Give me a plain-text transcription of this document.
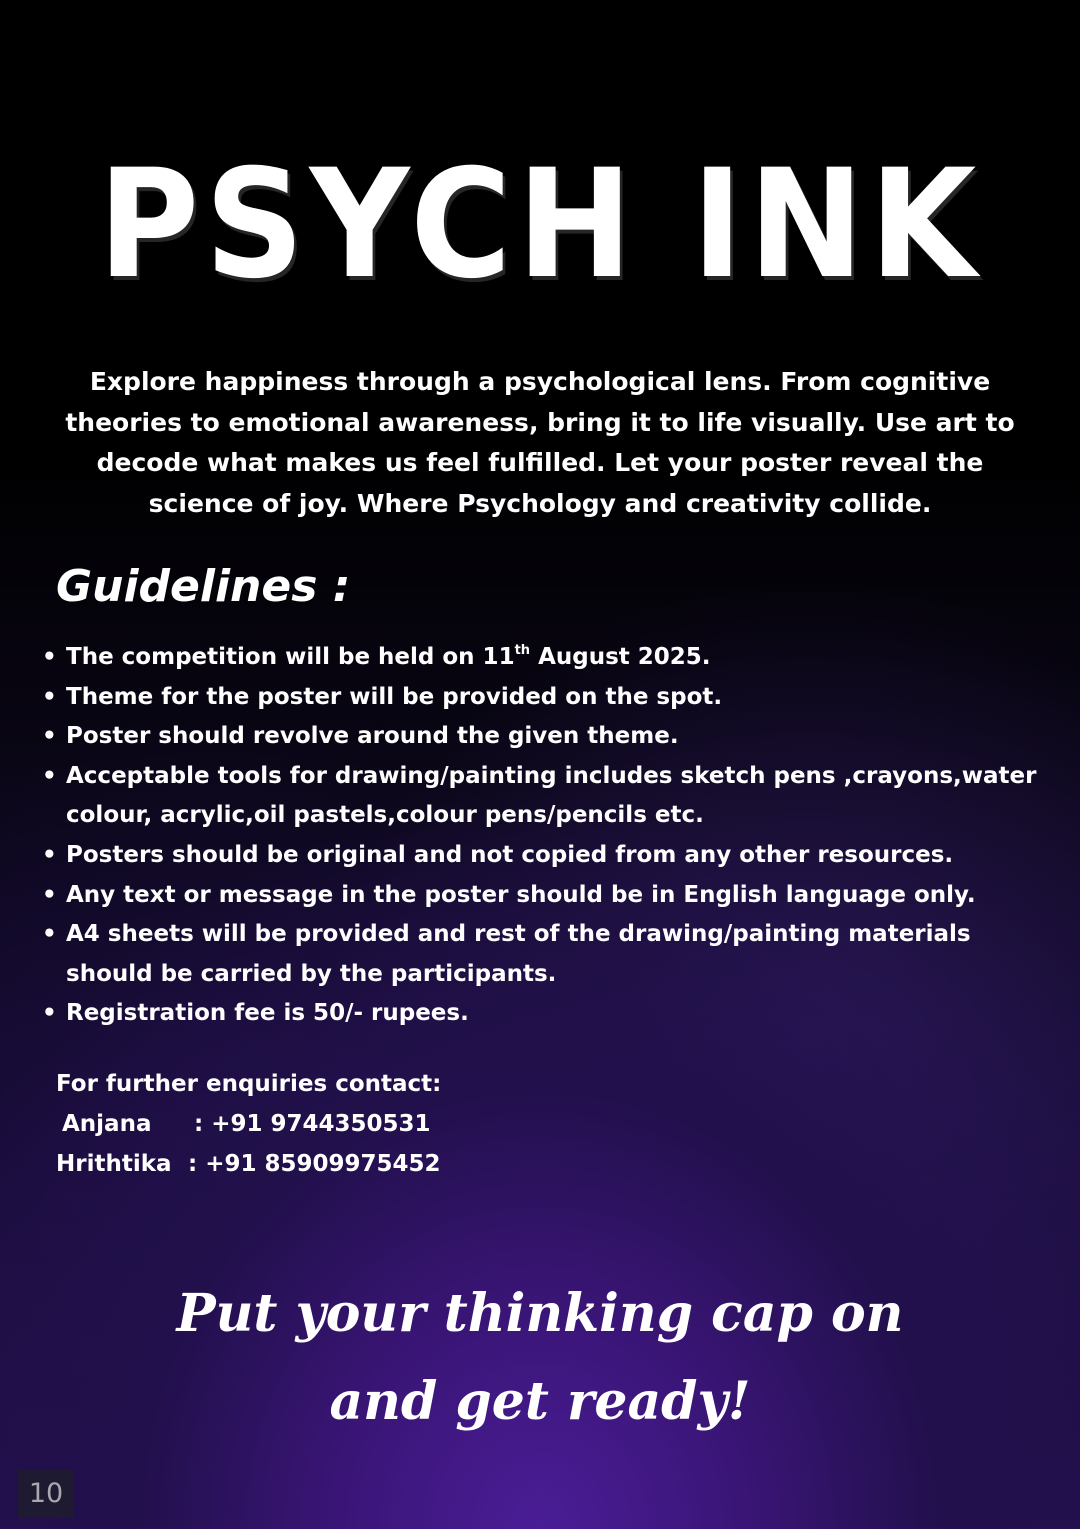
PSYCH INK

Explore happiness through a psychological lens. From cognitive theories to emotional awareness, bring it to life visually. Use art to decode what makes us feel fulfilled. Let your poster reveal the science of joy. Where Psychology and creativity collide.

Guidelines :
• The competition will be held on 11th August 2025.
• Theme for the poster will be provided on the spot.
• Poster should revolve around the given theme.
• Acceptable tools for drawing/painting includes sketch pens ,crayons,water colour, acrylic,oil pastels,colour pens/pencils etc.
• Posters should be original and not copied from any other resources.
• Any text or message in the poster should be in English language only.
• A4 sheets will be provided and rest of the drawing/painting materials should be carried by the participants.
• Registration fee is 50/- rupees.
For further enquiries contact:
Anjana	: +91 9744350531
Hrithtika : +91 85909975452

Put your thinking cap on and get ready!

10
